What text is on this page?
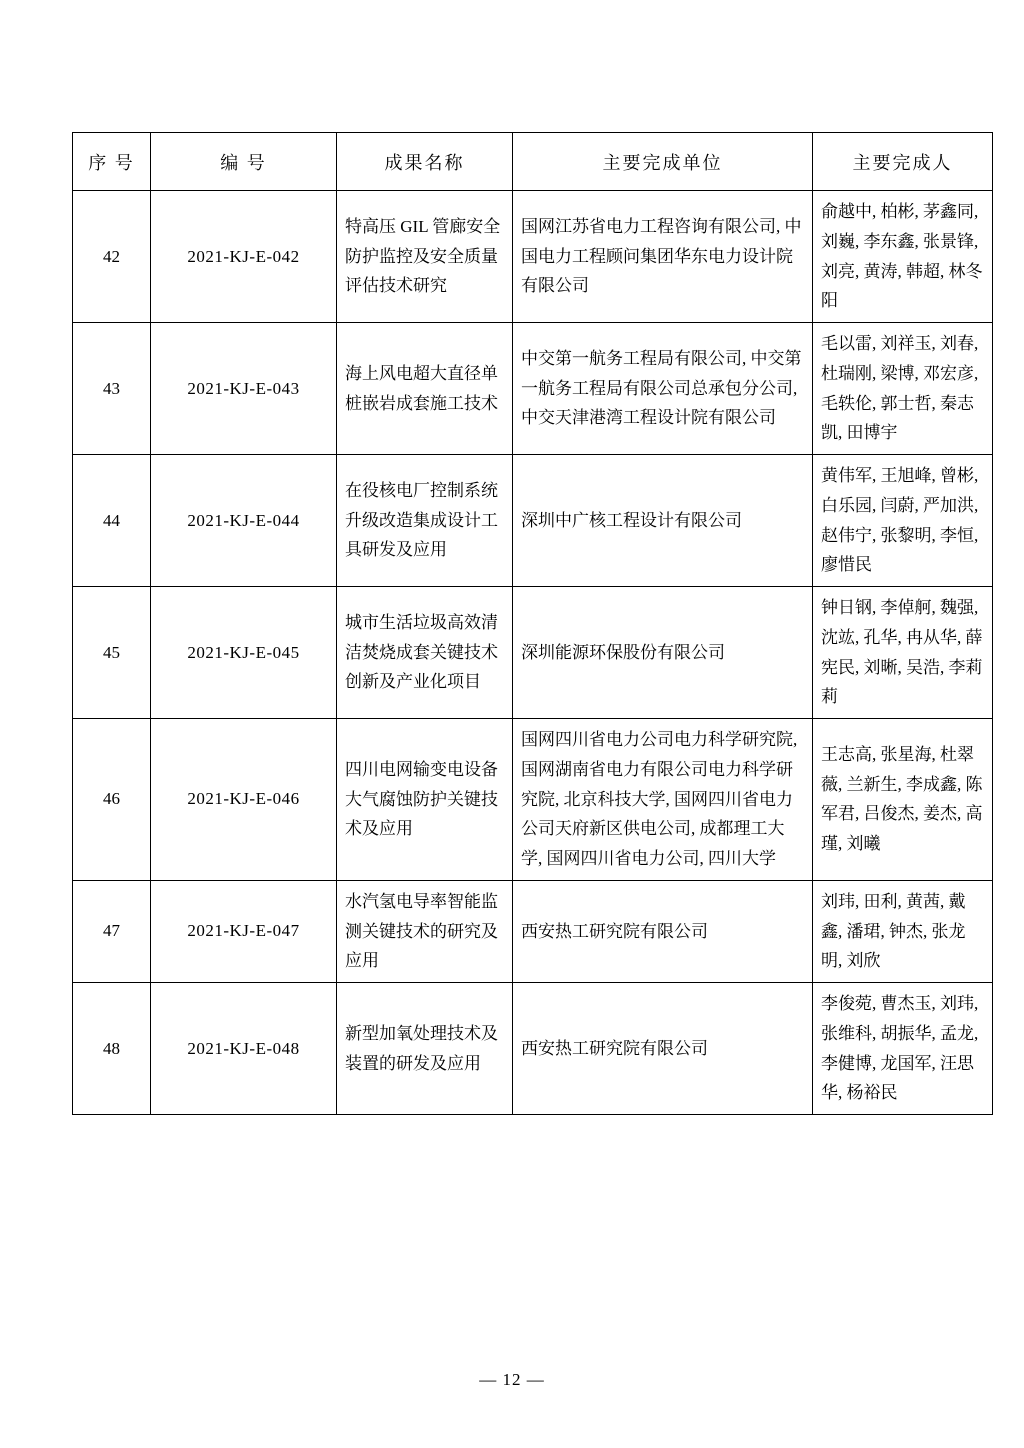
序 号	编 号	成果名称	主要完成单位	主要完成人
42	2021-KJ-E-042	特高压 GIL 管廊安全防护监控及安全质量评估技术研究	国网江苏省电力工程咨询有限公司, 中国电力工程顾问集团华东电力设计院有限公司	俞越中, 柏彬, 茅鑫同, 刘巍, 李东鑫, 张景锋, 刘亮, 黄涛, 韩超, 林冬阳
43	2021-KJ-E-043	海上风电超大直径单桩嵌岩成套施工技术	中交第一航务工程局有限公司, 中交第一航务工程局有限公司总承包分公司, 中交天津港湾工程设计院有限公司	毛以雷, 刘祥玉, 刘春, 杜瑞刚, 梁博, 邓宏彦, 毛轶伦, 郭士哲, 秦志凯, 田博宇
44	2021-KJ-E-044	在役核电厂控制系统升级改造集成设计工具研发及应用	深圳中广核工程设计有限公司	黄伟军, 王旭峰, 曾彬, 白乐园, 闫蔚, 严加洪, 赵伟宁, 张黎明, 李恒, 廖惜民
45	2021-KJ-E-045	城市生活垃圾高效清洁焚烧成套关键技术创新及产业化项目	深圳能源环保股份有限公司	钟日钢, 李倬舸, 魏强, 沈竑, 孔华, 冉从华, 薛宪民, 刘晰, 吴浩, 李莉莉
46	2021-KJ-E-046	四川电网输变电设备大气腐蚀防护关键技术及应用	国网四川省电力公司电力科学研究院, 国网湖南省电力有限公司电力科学研究院, 北京科技大学, 国网四川省电力公司天府新区供电公司, 成都理工大学, 国网四川省电力公司, 四川大学	王志高, 张星海, 杜翠薇, 兰新生, 李成鑫, 陈军君, 吕俊杰, 姜杰, 高瑾, 刘曦
47	2021-KJ-E-047	水汽氢电导率智能监测关键技术的研究及应用	西安热工研究院有限公司	刘玮, 田利, 黄茜, 戴鑫, 潘珺, 钟杰, 张龙明, 刘欣
48	2021-KJ-E-048	新型加氧处理技术及装置的研发及应用	西安热工研究院有限公司	李俊菀, 曹杰玉, 刘玮, 张维科, 胡振华, 孟龙, 李健博, 龙国军, 汪思华, 杨裕民
— 12 —
